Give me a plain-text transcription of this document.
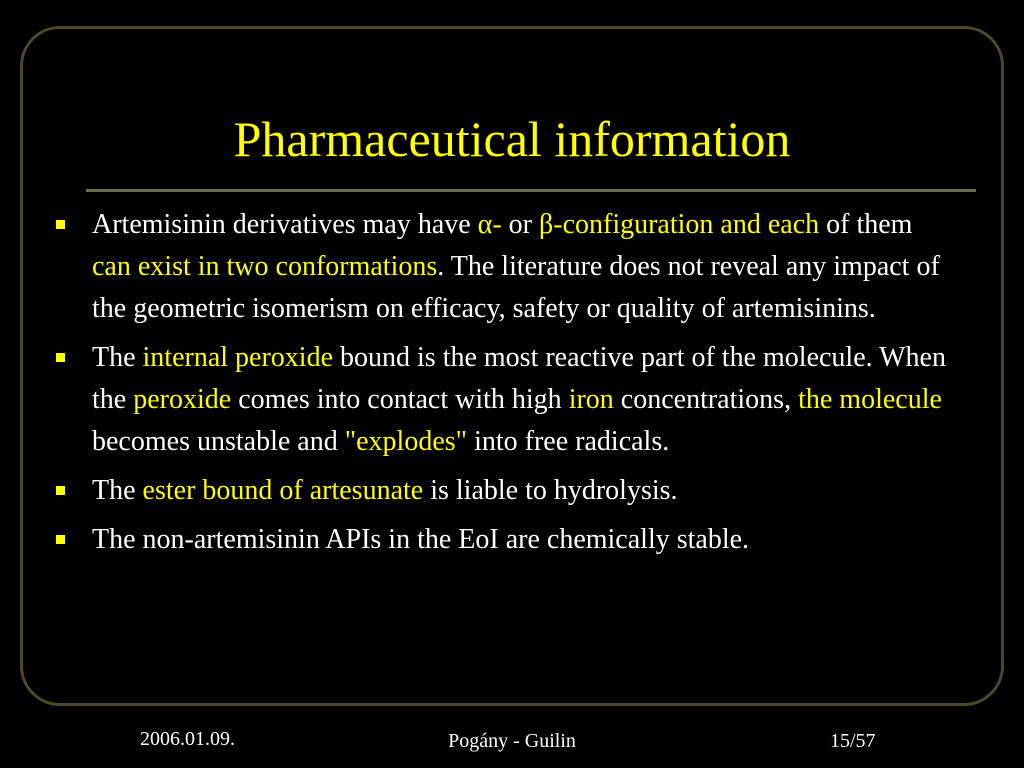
Pharmaceutical information
Artemisinin derivatives may have α- or β-configuration and each of them can exist in two conformations. The literature does not reveal any impact of the geometric isomerism on efficacy, safety or quality of artemisinins.
The internal peroxide bound is the most reactive part of the molecule. When the peroxide comes into contact with high iron concentrations, the molecule becomes unstable and "explodes" into free radicals.
The ester bound of artesunate is liable to hydrolysis.
The non-artemisinin APIs in the EoI are chemically stable.
2006.01.09.	Pogány - Guilin	15/57
